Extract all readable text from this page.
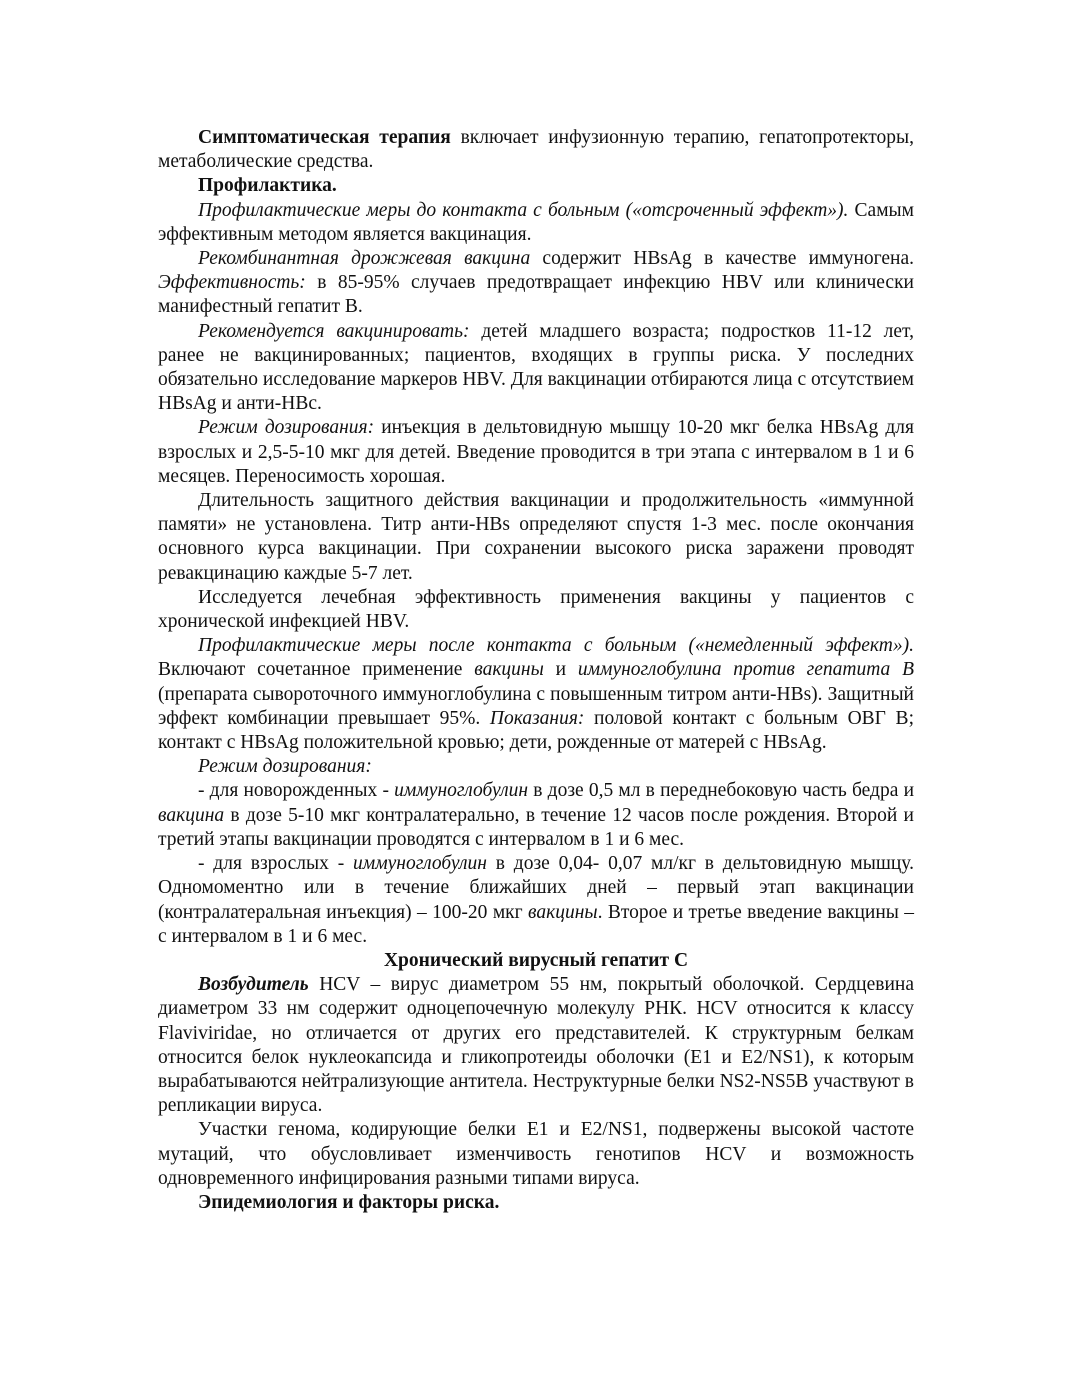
Симптоматическая терапия включает инфузионную терапию, гепатопротекторы, метаболические средства.

Профилактика.

Профилактические меры до контакта с больным («отсроченный эффект»). Самым эффективным методом является вакцинация.

Рекомбинантная дрожжевая вакцина содержит HBsAg в качестве иммуногена. Эффективность: в 85-95% случаев предотвращает инфекцию HBV или клинически манифестный гепатит В.

Рекомендуется вакцинировать: детей младшего возраста; подростков 11-12 лет, ранее не вакцинированных; пациентов, входящих в группы риска. У последних обязательно исследование маркеров HBV. Для вакцинации отбираются лица с отсутствием HBsAg и анти-HBc.

Режим дозирования: инъекция в дельтовидную мышцу 10-20 мкг белка HBsAg для взрослых и 2,5-5-10 мкг для детей. Введение проводится в три этапа с интервалом в 1 и 6 месяцев. Переносимость хорошая.

Длительность защитного действия вакцинации и продолжительность «иммунной памяти» не установлена. Титр анти-HBs определяют спустя 1-3 мес. после окончания основного курса вакцинации. При сохранении высокого риска заражени проводят ревакцинацию каждые 5-7 лет.

Исследуется лечебная эффективность применения вакцины у пациентов с хронической инфекцией HBV.

Профилактические меры после контакта с больным («немедленный эффект»). Включают сочетанное применение вакцины и иммуноглобулина против гепатита В (препарата сывороточного иммуноглобулина с повышенным титром анти-HBs). Защитный эффект комбинации превышает 95%. Показания: половой контакт с больным ОВГ В; контакт с HBsAg положительной кровью; дети, рожденные от матерей с HBsAg.

Режим дозирования:

- для новорожденных - иммуноглобулин в дозе 0,5 мл в переднебоковую часть бедра и вакцина в дозе 5-10 мкг контралатерально, в течение 12 часов после рождения. Второй и третий этапы вакцинации проводятся с интервалом в 1 и 6 мес.

- для взрослых - иммуноглобулин в дозе 0,04- 0,07 мл/кг в дельтовидную мышцу. Одномоментно или в течение ближайших дней – первый этап вакцинации (контралатеральная инъекция) – 100-20 мкг вакцины. Второе и третье введение вакцины – с интервалом в 1 и 6 мес.

Хронический вирусный гепатит С

Возбудитель HCV – вирус диаметром 55 нм, покрытый оболочкой. Сердцевина диаметром 33 нм содержит одноцепочечную молекулу РНК. HCV относится к классу Flaviviridae, но отличается от других его представителей. К структурным белкам относится белок нуклеокапсида и гликопротеиды оболочки (E1 и E2/NS1), к которым вырабатываются нейтрализующие антитела. Неструктурные белки NS2-NS5B участвуют в репликации вируса.

Участки генома, кодирующие белки E1 и E2/NS1, подвержены высокой частоте мутаций, что обусловливает изменчивость генотипов HCV и возможность одновременного инфицирования разными типами вируса.

Эпидемиология и факторы риска.
